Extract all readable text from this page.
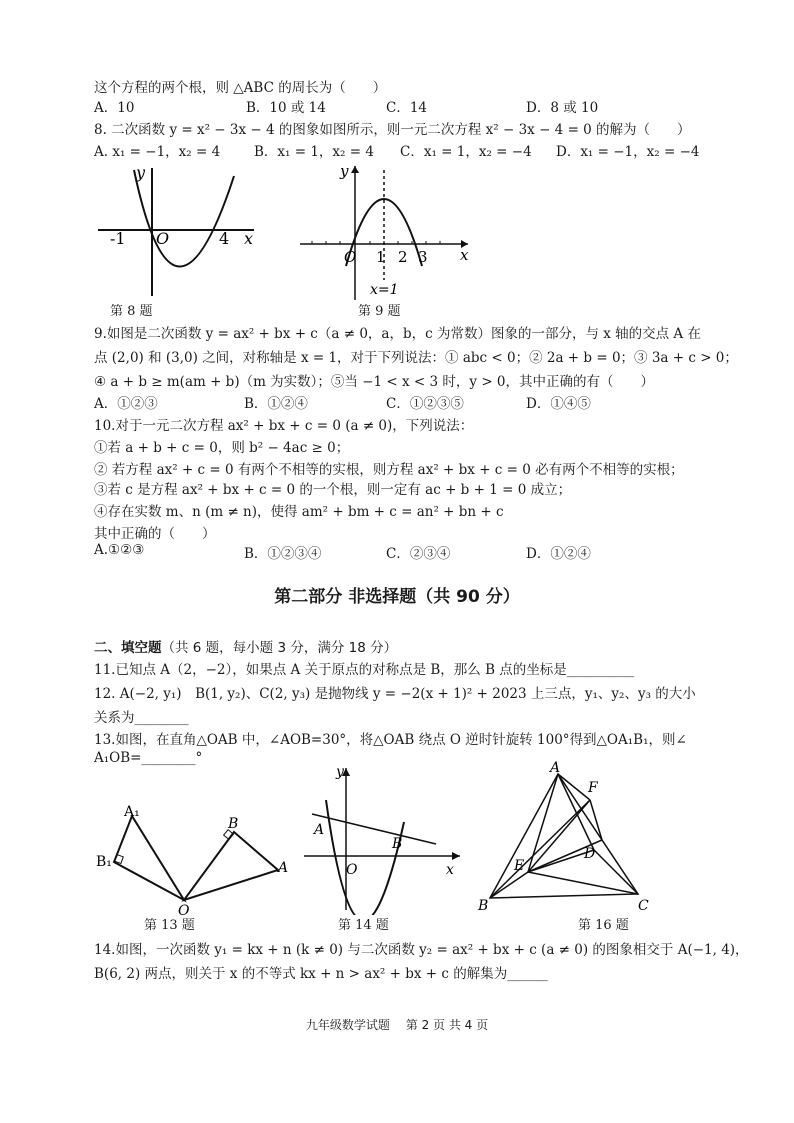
这个方程的两个根，则 △ABC 的周长为（　　）
A．10	B．10 或 14	C．14	D．8 或 10
8. 二次函数 y = x² − 3x − 4 的图象如图所示，则一元二次方程 x² − 3x − 4 = 0 的解为（　　）
A. x₁ = −1，x₂ = 4	B．x₁ = 1，x₂ = 4 C．x₁ = 1，x₂ = −4 D．x₁ = −1，x₂ = −4
y
-1 O	4 x
第 8 题
y
O 1 2 3 x
x=1
第 9 题
9.如图是二次函数 y = ax² + bx + c（a ≠ 0，a，b，c 为常数）图象的一部分，与 x 轴的交点 A 在
点 (2,0) 和 (3,0) 之间，对称轴是 x = 1，对于下列说法：① abc < 0；② 2a + b = 0；③ 3a + c > 0；
④ a + b ≥ m(am + b)（m 为实数）；⑤当 −1 < x < 3 时，y > 0，其中正确的有（　　）
A．①②③	B．①②④	C．①②③⑤	D．①④⑤
10.对于一元二次方程 ax² + bx + c = 0 (a ≠ 0)，下列说法：
①若 a + b + c = 0，则 b² − 4ac ≥ 0；
② 若方程 ax² + c = 0 有两个不相等的实根，则方程 ax² + bx + c = 0 必有两个不相等的实根；
③若 c 是方程 ax² + bx + c = 0 的一个根，则一定有 ac + b + 1 = 0 成立；
④存在实数 m、n (m ≠ n)，使得 am² + bm + c = an² + bn + c
其中正确的（　　）
A.①②③	B．①②③④	C．②③④	D．①②④
第二部分 非选择题（共 90 分）
二、填空题（共 6 题，每小题 3 分，满分 18 分）
11.已知点 A（2，−2），如果点 A 关于原点的对称点是 B，那么 B 点的坐标是__________
12. A(−2, y₁)　B(1, y₂)、C(2, y₃) 是抛物线 y = −2(x + 1)² + 2023 上三点，y₁、y₂、y₃ 的大小
关系为________
13.如图，在直角△OAB 中，∠AOB=30°，将△OAB 绕点 O 逆时针旋转 100°得到△OA₁B₁，则∠
A₁OB=________°
A₁
B₁
B
A
O
第 13 题
y
A
B
O	x
第 14 题
A
F
D
E
B	C
第 16 题
14.如图，一次函数 y₁ = kx + n (k ≠ 0) 与二次函数 y₂ = ax² + bx + c (a ≠ 0) 的图象相交于 A(−1, 4)，
B(6, 2) 两点，则关于 x 的不等式 kx + n > ax² + bx + c 的解集为______
九年级数学试题 第 2 页 共 4 页
